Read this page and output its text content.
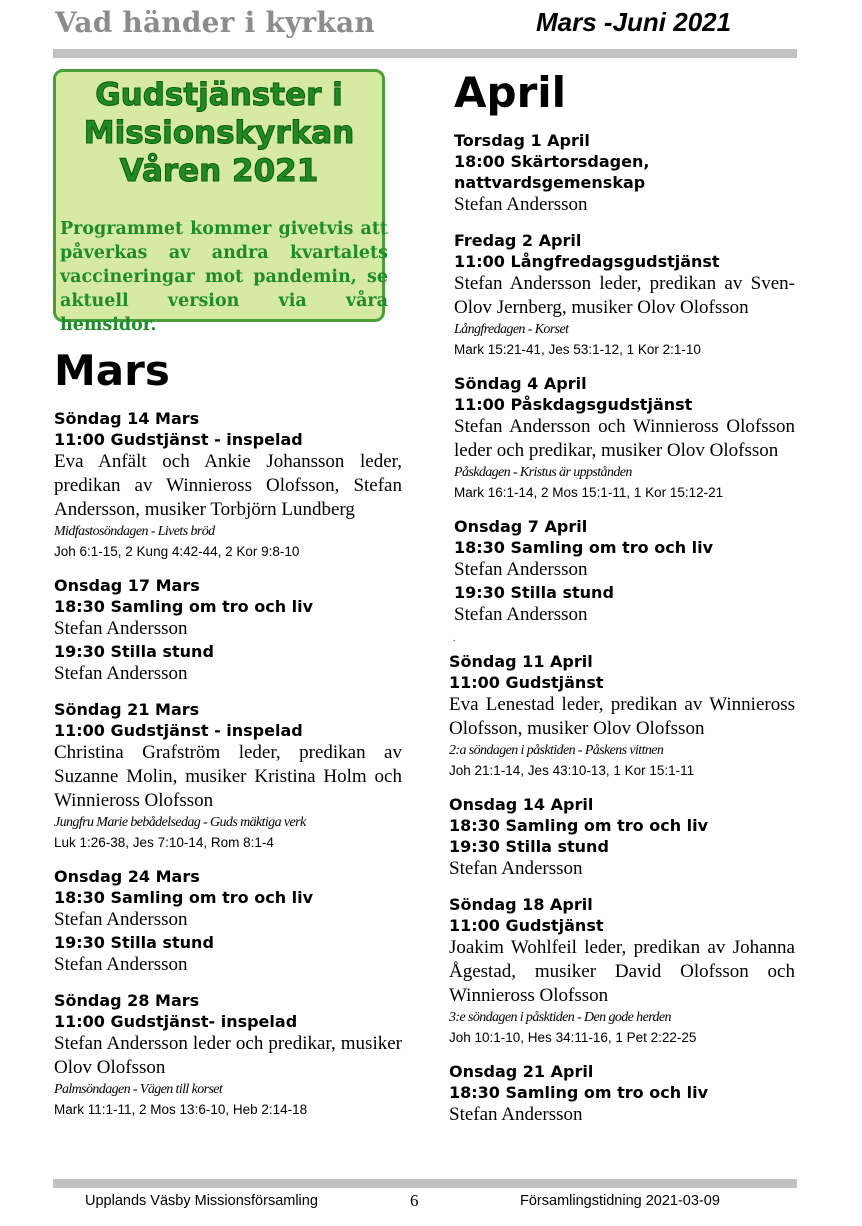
Vad händer i kyrkan	Mars -Juni 2021
Gudstjänster i
Missionskyrkan
Våren 2021
Programmet kommer givetvis att påverkas av andra kvartalets vaccineringar mot pandemin, se aktuell version via våra hemsidor.
Mars
Söndag 14 Mars
11:00 Gudstjänst - inspelad
Eva Anfält och Ankie Johansson leder, predikan av Winnieross Olofsson, Stefan Andersson, musiker Torbjörn Lundberg
Midfastosöndagen - Livets bröd
Joh 6:1-15, 2 Kung 4:42-44, 2 Kor 9:8-10
Onsdag 17 Mars
18:30 Samling om tro och liv
Stefan Andersson
19:30 Stilla stund
Stefan Andersson
Söndag 21 Mars
11:00 Gudstjänst - inspelad
Christina Grafström leder, predikan av Suzanne Molin, musiker Kristina Holm och Winnieross Olofsson
Jungfru Marie bebådelsedag - Guds mäktiga verk
Luk 1:26-38, Jes 7:10-14, Rom 8:1-4
Onsdag 24 Mars
18:30 Samling om tro och liv
Stefan Andersson
19:30 Stilla stund
Stefan Andersson
Söndag 28 Mars
11:00 Gudstjänst- inspelad
Stefan Andersson leder och predikar, musiker Olov Olofsson
Palmsöndagen - Vägen till korset
Mark 11:1-11, 2 Mos 13:6-10, Heb 2:14-18
April
Torsdag 1 April
18:00 Skärtorsdagen,
nattvardsgemenskap
Stefan Andersson
Fredag 2 April
11:00 Långfredagsgudstjänst
Stefan Andersson leder, predikan av Sven-Olov Jernberg, musiker Olov Olofsson
Långfredagen - Korset
Mark 15:21-41, Jes 53:1-12, 1 Kor 2:1-10
Söndag 4 April
11:00 Påskdagsgudstjänst
Stefan Andersson och Winnieross Olofsson leder och predikar, musiker Olov Olofsson
Påskdagen - Kristus är uppstånden
Mark 16:1-14, 2 Mos 15:1-11, 1 Kor 15:12-21
Onsdag 7 April
18:30 Samling om tro och liv
Stefan Andersson
19:30 Stilla stund
Stefan Andersson
Söndag 11 April
11:00 Gudstjänst
Eva Lenestad leder, predikan av Winnieross Olofsson, musiker Olov Olofsson
2:a söndagen i påsktiden - Påskens vittnen
Joh 21:1-14, Jes 43:10-13, 1 Kor 15:1-11
Onsdag 14 April
18:30 Samling om tro och liv
19:30 Stilla stund
Stefan Andersson
Söndag 18 April
11:00 Gudstjänst
Joakim Wohlfeil leder, predikan av Johanna Ågestad, musiker David Olofsson och Winnieross Olofsson
3:e söndagen i påsktiden - Den gode herden
Joh 10:1-10, Hes 34:11-16, 1 Pet 2:22-25
Onsdag 21 April
18:30 Samling om tro och liv
Stefan Andersson
.
Upplands Väsby Missionsförsamling	6	Församlingstidning 2021-03-09
